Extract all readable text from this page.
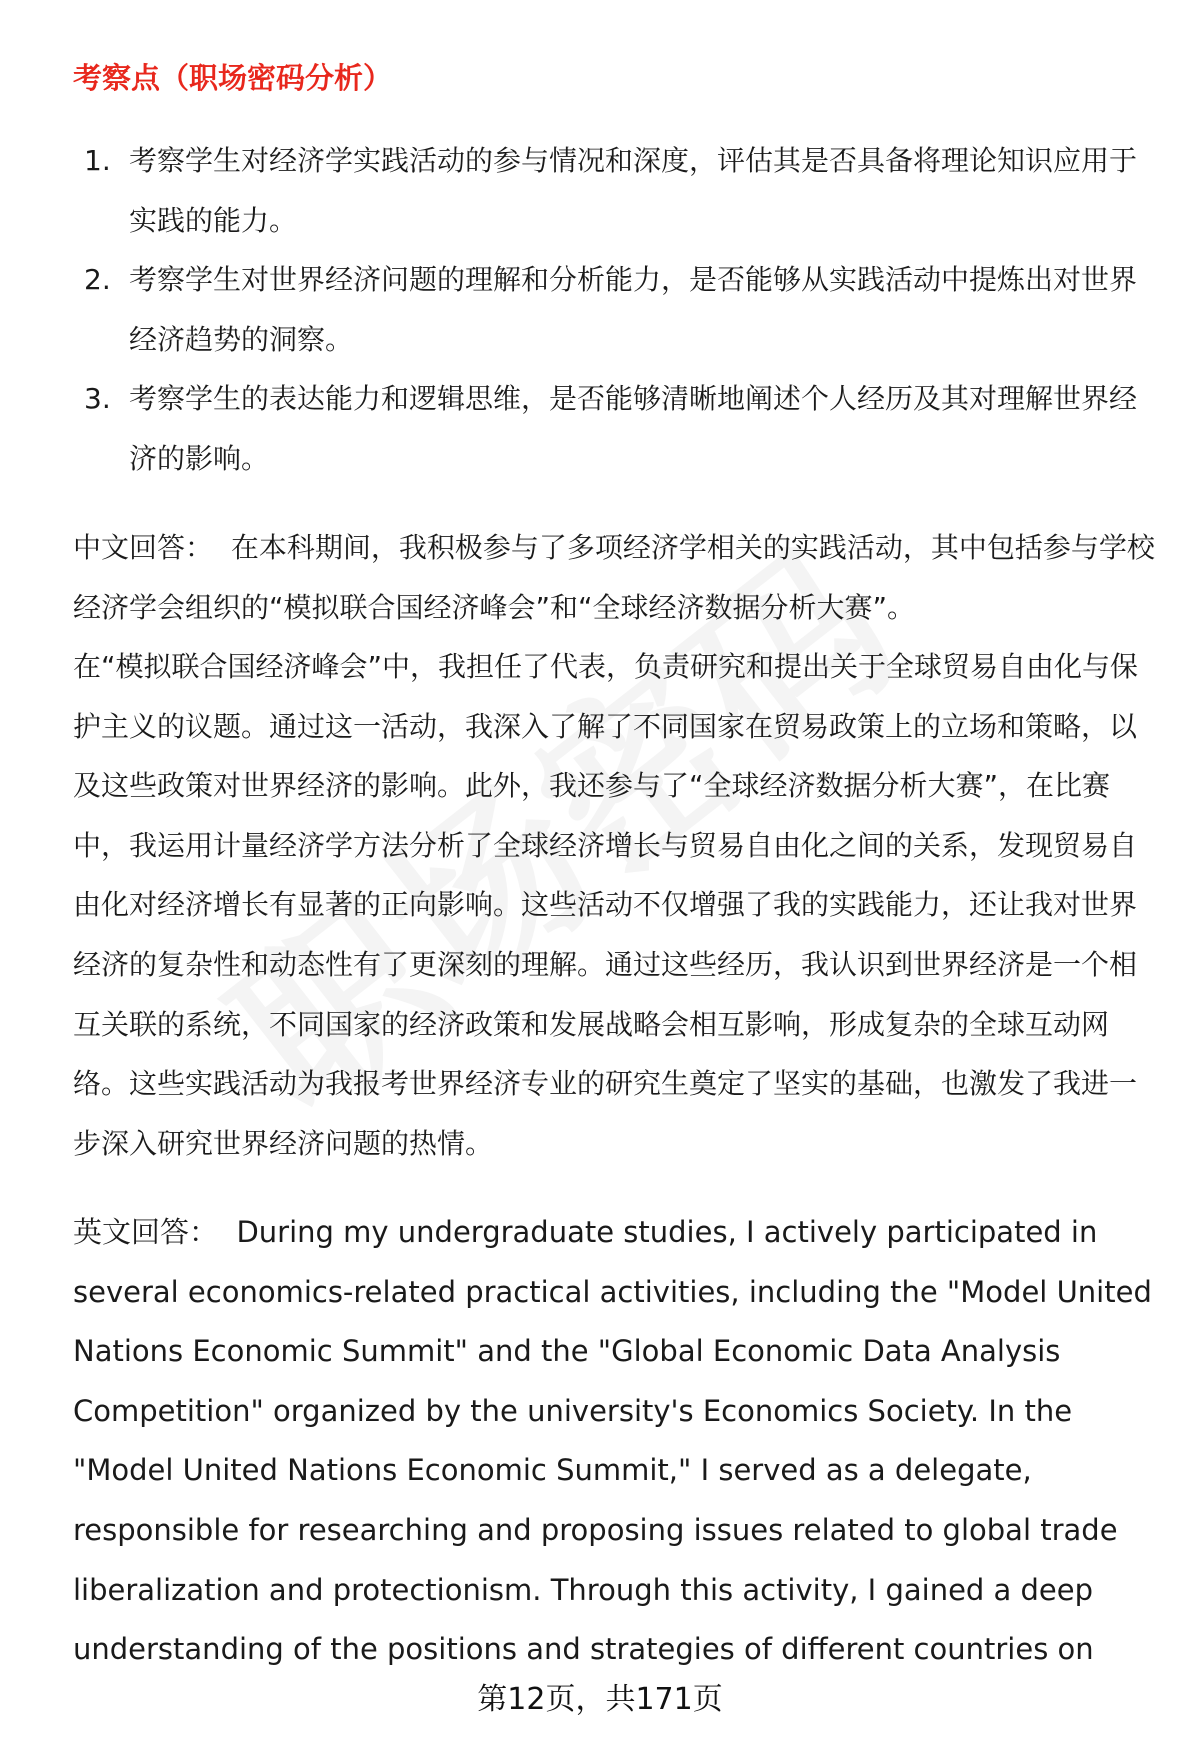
考察点（职场密码分析）
1. 考察学生对经济学实践活动的参与情况和深度，评估其是否具备将理论知识应用于实践的能力。
2. 考察学生对世界经济问题的理解和分析能力，是否能够从实践活动中提炼出对世界经济趋势的洞察。
3. 考察学生的表达能力和逻辑思维，是否能够清晰地阐述个人经历及其对理解世界经济的影响。

中文回答： 在本科期间，我积极参与了多项经济学相关的实践活动，其中包括参与学校经济学会组织的“模拟联合国经济峰会”和“全球经济数据分析大赛”。

在“模拟联合国经济峰会”中，我担任了代表，负责研究和提出关于全球贸易自由化与保护主义的议题。通过这一活动，我深入了解了不同国家在贸易政策上的立场和策略，以及这些政策对世界经济的影响。此外，我还参与了“全球经济数据分析大赛”，在比赛中，我运用计量经济学方法分析了全球经济增长与贸易自由化之间的关系，发现贸易自由化对经济增长有显著的正向影响。这些活动不仅增强了我的实践能力，还让我对世界经济的复杂性和动态性有了更深刻的理解。通过这些经历，我认识到世界经济是一个相互关联的系统，不同国家的经济政策和发展战略会相互影响，形成复杂的全球互动网络。这些实践活动为我报考世界经济专业的研究生奠定了坚实的基础，也激发了我进一步深入研究世界经济问题的热情。

英文回答： During my undergraduate studies, I actively participated in several economics-related practical activities, including the "Model United Nations Economic Summit" and the "Global Economic Data Analysis Competition" organized by the university's Economics Society. In the "Model United Nations Economic Summit," I served as a delegate, responsible for researching and proposing issues related to global trade liberalization and protectionism. Through this activity, I gained a deep understanding of the positions and strategies of different countries on

第12页，共171页
